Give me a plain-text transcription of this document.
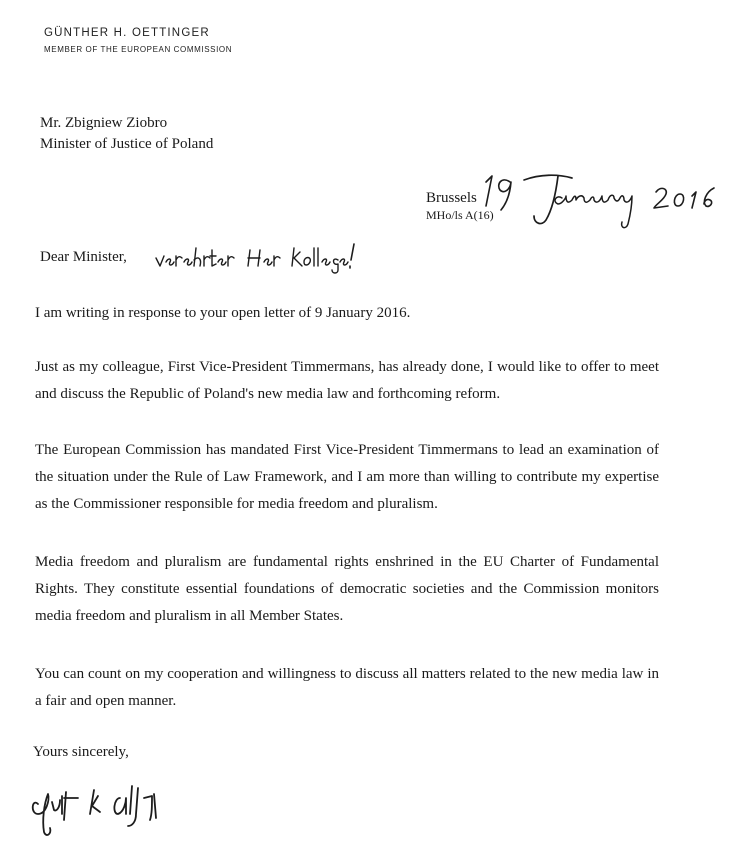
GÜNTHER H. OETTINGER
MEMBER OF THE EUROPEAN COMMISSION
Mr. Zbigniew Ziobro
Minister of Justice of Poland
Brussels
MHo/ls A(16)
Dear Minister,
I am writing in response to your open letter of 9 January 2016.
Just as my colleague, First Vice-President Timmermans, has already done, I would like to offer to meet and discuss the Republic of Poland's new media law and forthcoming reform.
The European Commission has mandated First Vice-President Timmermans to lead an examination of the situation under the Rule of Law Framework, and I am more than willing to contribute my expertise as the Commissioner responsible for media freedom and pluralism.
Media freedom and pluralism are fundamental rights enshrined in the EU Charter of Fundamental Rights. They constitute essential foundations of democratic societies and the Commission monitors media freedom and pluralism in all Member States.
You can count on my cooperation and willingness to discuss all matters related to the new media law in a fair and open manner.
Yours sincerely,
